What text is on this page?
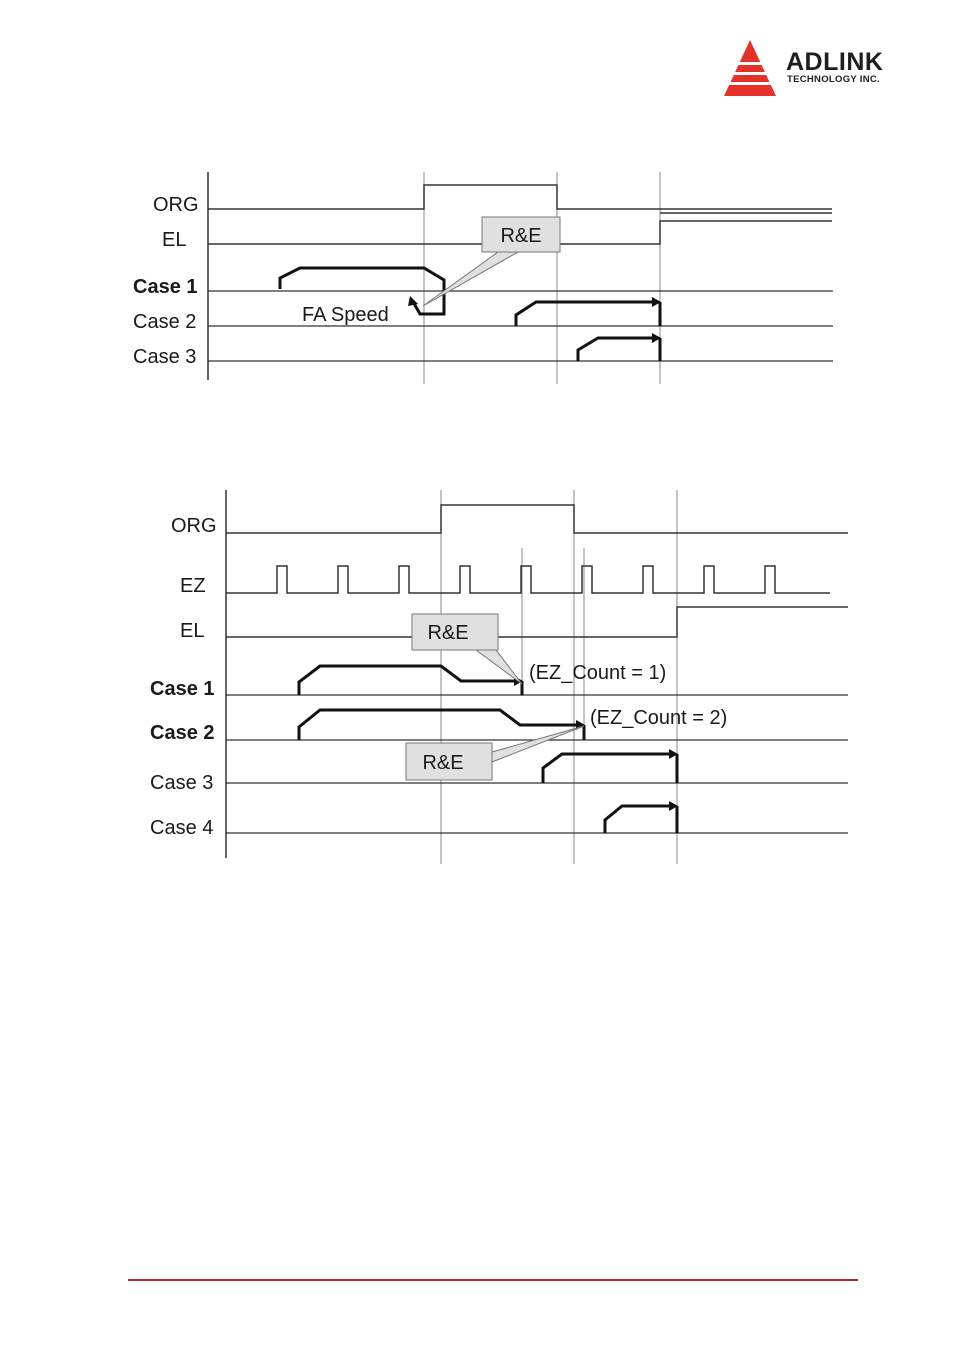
ADLINK
TECHNOLOGY INC.
ORG
EL
Case 1
Case 2
Case 3
R&E
FA Speed
ORG
EZ
EL
Case 1
Case 2
Case 3
Case 4
R&E
R&E
(EZ_Count = 1)
(EZ_Count = 2)
